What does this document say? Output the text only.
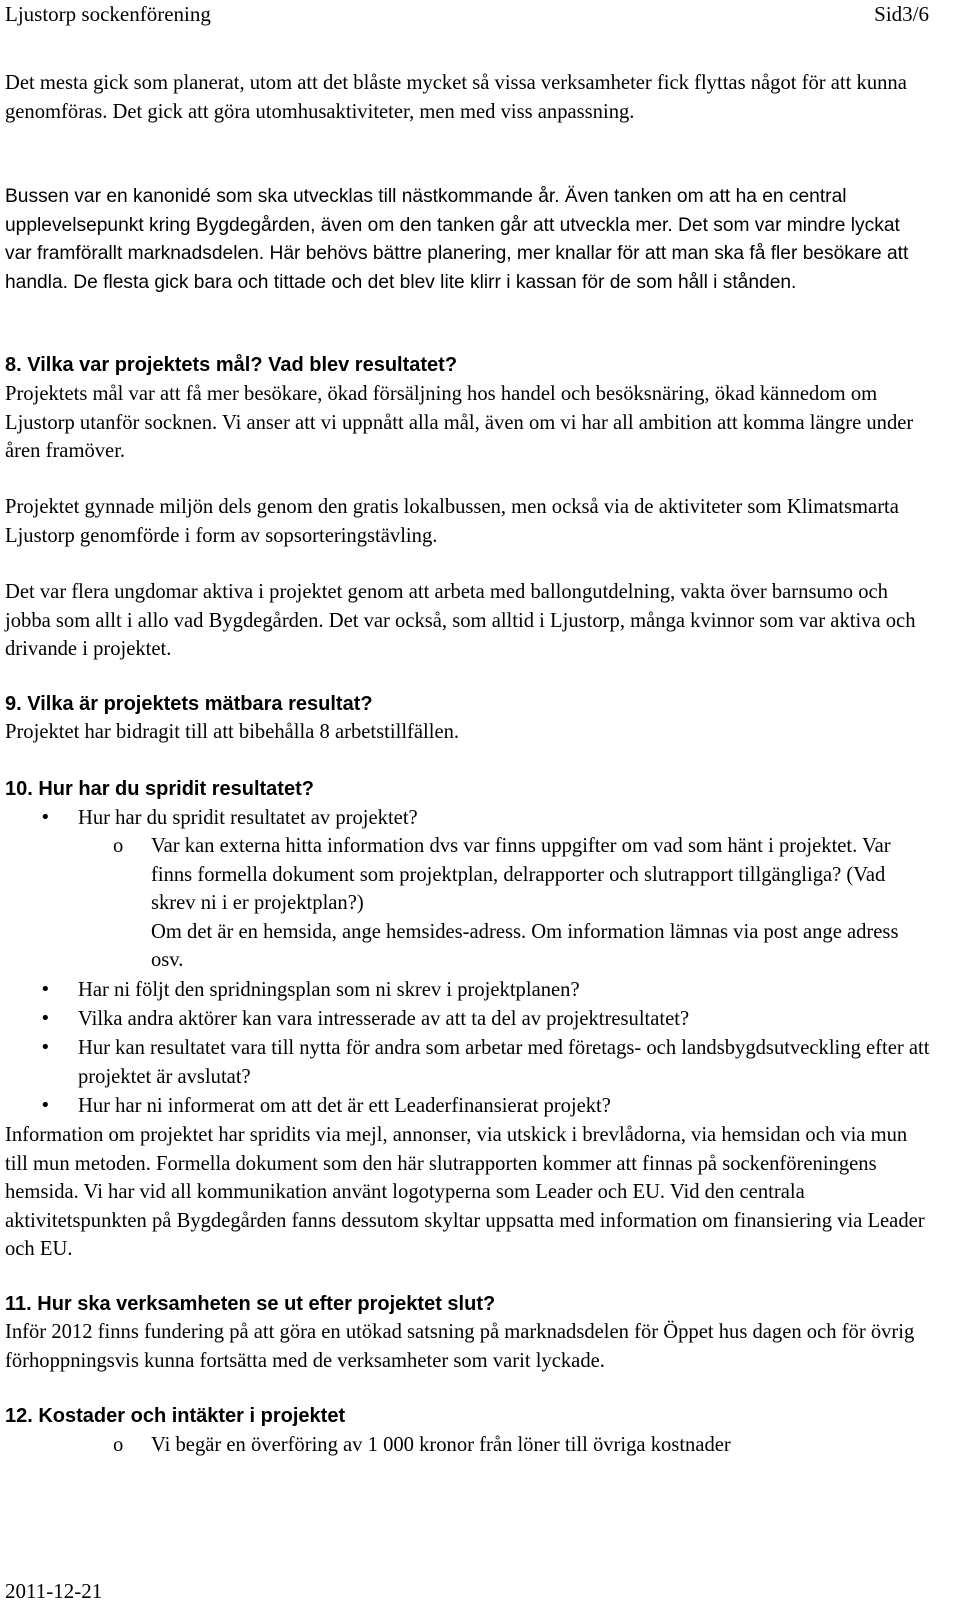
Ljustorp sockenförening	Sid3/6

Det mesta gick som planerat, utom att det blåste mycket så vissa verksamheter fick flyttas något för att kunna genomföras. Det gick att göra utomhusaktiviteter, men med viss anpassning.

Bussen var en kanonidé som ska utvecklas till nästkommande år. Även tanken om att ha en central upplevelsepunkt kring Bygdegården, även om den tanken går att utveckla mer. Det som var mindre lyckat var framförallt marknadsdelen. Här behövs bättre planering, mer knallar för att man ska få fler besökare att handla. De flesta gick bara och tittade och det blev lite klirr i kassan för de som håll i stånden.

8. Vilka var projektets mål? Vad blev resultatet?

Projektets mål var att få mer besökare, ökad försäljning hos handel och besöksnäring, ökad kännedom om Ljustorp utanför socknen. Vi anser att vi uppnått alla mål, även om vi har all ambition att komma längre under åren framöver.

Projektet gynnade miljön dels genom den gratis lokalbussen, men också via de aktiviteter som Klimatsmarta Ljustorp genomförde i form av sopsorteringstävling.

Det var flera ungdomar aktiva i projektet genom att arbeta med ballongutdelning, vakta över barnsumo och jobba som allt i allo vad Bygdegården. Det var också, som alltid i Ljustorp, många kvinnor som var aktiva och drivande i projektet.

9. Vilka är projektets mätbara resultat?

Projektet har bidragit till att bibehålla 8 arbetstillfällen.

10. Hur har du spridit resultatet?
• Hur har du spridit resultatet av projektet?

o Var kan externa hitta information dvs var finns uppgifter om vad som hänt i projektet. Var finns formella dokument som projektplan, delrapporter och slutrapport tillgängliga? (Vad skrev ni i er projektplan?)

Om det är en hemsida, ange hemsides-adress. Om information lämnas via post ange adress osv.

• Har ni följt den spridningsplan som ni skrev i projektplanen?

• Vilka andra aktörer kan vara intresserade av att ta del av projektresultatet?

• Hur kan resultatet vara till nytta för andra som arbetar med företags- och landsbygdsutveckling efter att projektet är avslutat?

• Hur har ni informerat om att det är ett Leaderfinansierat projekt?

Information om projektet har spridits via mejl, annonser, via utskick i brevlådorna, via hemsidan och via mun till mun metoden. Formella dokument som den här slutrapporten kommer att finnas på sockenföreningens hemsida. Vi har vid all kommunikation använt logotyperna som Leader och EU. Vid den centrala aktivitetspunkten på Bygdegården fanns dessutom skyltar uppsatta med information om finansiering via Leader och EU.

11. Hur ska verksamheten se ut efter projektet slut?

Inför 2012 finns fundering på att göra en utökad satsning på marknadsdelen för Öppet hus dagen och för övrig förhoppningsvis kunna fortsätta med de verksamheter som varit lyckade.

12. Kostader och intäkter i projektet
o Vi begär en överföring av 1 000 kronor från löner till övriga kostnader

2011-12-21
